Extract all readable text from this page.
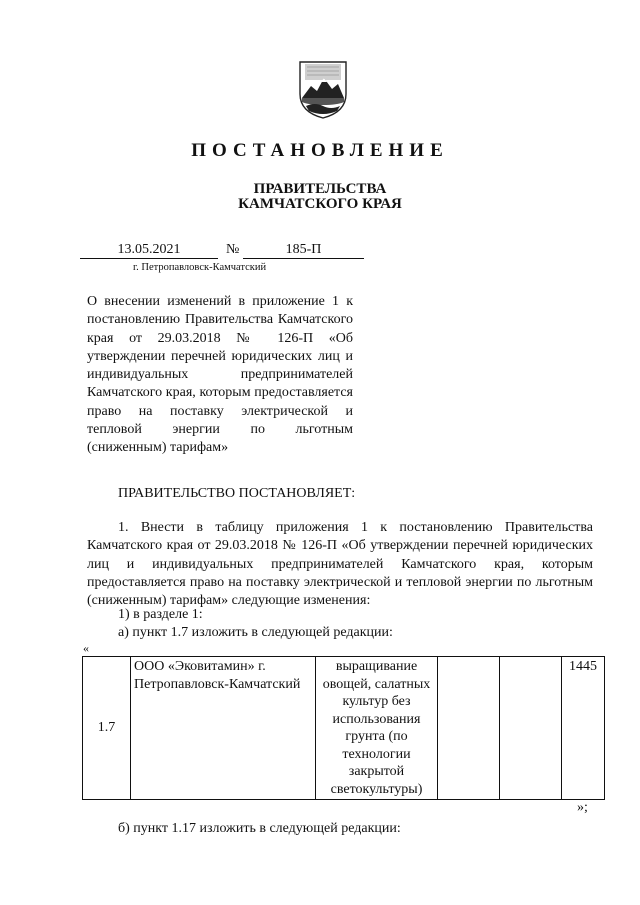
ПОСТАНОВЛЕНИЕ
ПРАВИТЕЛЬСТВА
КАМЧАТСКОГО КРАЯ
13.05.2021	№	185-П
г. Петропавловск-Камчатский
О внесении изменений в приложение 1 к постановлению Правительства Камчатского края от 29.03.2018 № 126-П «Об утверждении перечней юридических лиц и индивидуальных предпринимателей Камчатского края, которым предоставляется право на поставку электрической и тепловой энергии по льготным (сниженным) тарифам»
ПРАВИТЕЛЬСТВО ПОСТАНОВЛЯЕТ:
1. Внести в таблицу приложения 1 к постановлению Правительства Камчатского края от 29.03.2018 № 126-П «Об утверждении перечней юридических лиц и индивидуальных предпринимателей Камчатского края, которым предоставляется право на поставку электрической и тепловой энергии по льготным (сниженным) тарифам» следующие изменения:
1) в разделе 1:
а) пункт 1.7 изложить в следующей редакции:
«
1.7	ООО «Эковитамин» г. Петропавловск-Камчатский	выращивание овощей, салатных культур без использования грунта (по технологии закрытой светокультуры)			1445
»;
б) пункт 1.17 изложить в следующей редакции:
